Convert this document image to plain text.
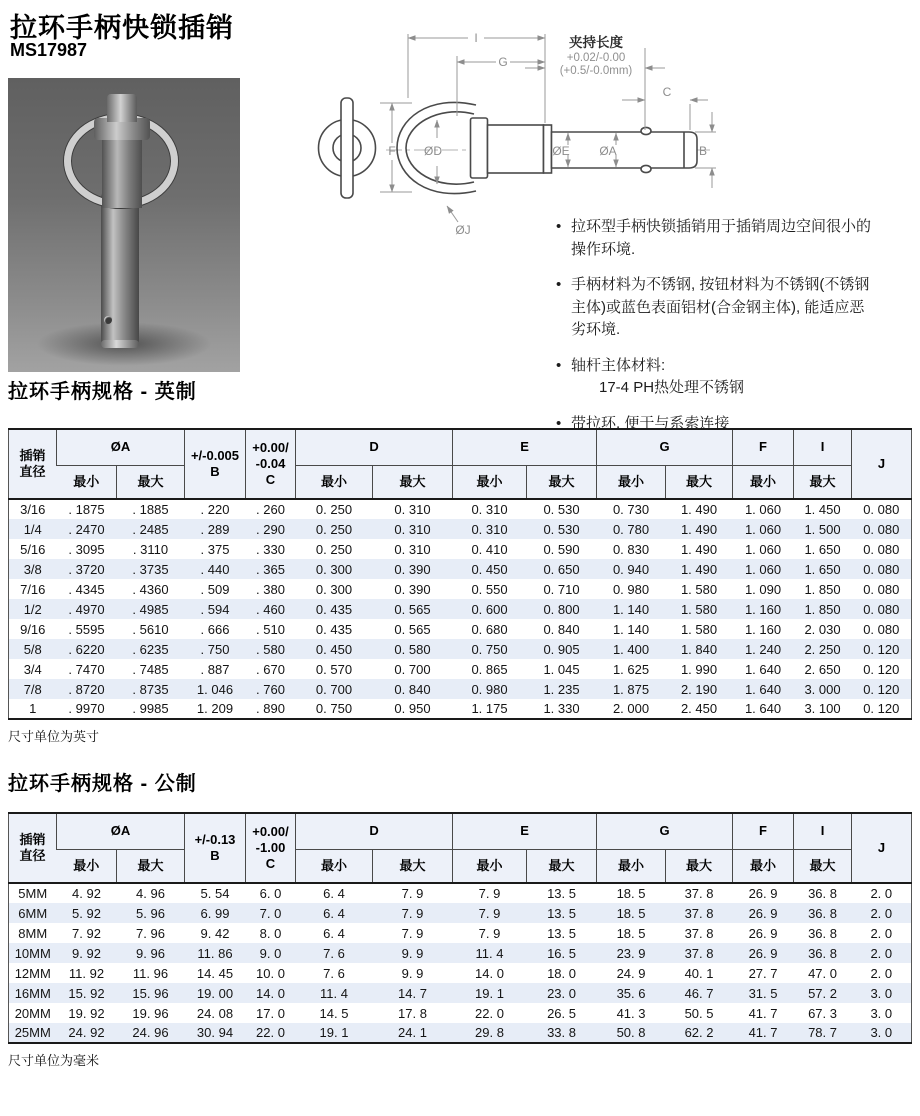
拉环手柄快锁插销
MS17987
I
G
C
F ØD	ØE ØA	B
ØJ
夹持长度
+0.02/-0.00
(+0.5/-0.0mm)
• 拉环型手柄快锁插销用于插销周边空间很小的操作环境.
• 手柄材料为不锈钢, 按钮材料为不锈钢(不锈钢主体)或蓝色表面铝材(合金钢主体), 能适应恶劣环境.
• 轴杆主体材料:
17-4 PH热处理不锈钢
• 带拉环, 便于与系索连接
拉环手柄规格 - 英制
插销
直径	ØA		+/-0.005
B	+0.00/
-0.04
C	D		E		G		F	I	J
	最小	最大			最小	最大	最小	最大	最小	最大	最小	最大	
3/16	. 1875	. 1885	. 220	. 260	0. 250	0. 310	0. 310	0. 530	0. 730	1. 490	1. 060	1. 450	0. 080
1/4	. 2470	. 2485	. 289	. 290	0. 250	0. 310	0. 310	0. 530	0. 780	1. 490	1. 060	1. 500	0. 080
5/16	. 3095	. 3110	. 375	. 330	0. 250	0. 310	0. 410	0. 590	0. 830	1. 490	1. 060	1. 650	0. 080
3/8	. 3720	. 3735	. 440	. 365	0. 300	0. 390	0. 450	0. 650	0. 940	1. 490	1. 060	1. 650	0. 080
7/16	. 4345	. 4360	. 509	. 380	0. 300	0. 390	0. 550	0. 710	0. 980	1. 580	1. 090	1. 850	0. 080
1/2	. 4970	. 4985	. 594	. 460	0. 435	0. 565	0. 600	0. 800	1. 140	1. 580	1. 160	1. 850	0. 080
9/16	. 5595	. 5610	. 666	. 510	0. 435	0. 565	0. 680	0. 840	1. 140	1. 580	1. 160	2. 030	0. 080
5/8	. 6220	. 6235	. 750	. 580	0. 450	0. 580	0. 750	0. 905	1. 400	1. 840	1. 240	2. 250	0. 120
3/4	. 7470	. 7485	. 887	. 670	0. 570	0. 700	0. 865	1. 045	1. 625	1. 990	1. 640	2. 650	0. 120
7/8	. 8720	. 8735	1. 046	. 760	0. 700	0. 840	0. 980	1. 235	1. 875	2. 190	1. 640	3. 000	0. 120
1	. 9970	. 9985	1. 209	. 890	0. 750	0. 950	1. 175	1. 330	2. 000	2. 450	1. 640	3. 100	0. 120
尺寸单位为英寸
拉环手柄规格 - 公制
插销
直径	ØA		+/-0.13
B	+0.00/
-1.00
C	D		E		G		F	I	J
	最小	最大			最小	最大	最小	最大	最小	最大	最小	最大	
5MM	4. 92	4. 96	5. 54	6. 0	6. 4	7. 9	7. 9	13. 5	18. 5	37. 8	26. 9	36. 8	2. 0
6MM	5. 92	5. 96	6. 99	7. 0	6. 4	7. 9	7. 9	13. 5	18. 5	37. 8	26. 9	36. 8	2. 0
8MM	7. 92	7. 96	9. 42	8. 0	6. 4	7. 9	7. 9	13. 5	18. 5	37. 8	26. 9	36. 8	2. 0
10MM	9. 92	9. 96	11. 86	9. 0	7. 6	9. 9	11. 4	16. 5	23. 9	37. 8	26. 9	36. 8	2. 0
12MM	11. 92	11. 96	14. 45	10. 0	7. 6	9. 9	14. 0	18. 0	24. 9	40. 1	27. 7	47. 0	2. 0
16MM	15. 92	15. 96	19. 00	14. 0	11. 4	14. 7	19. 1	23. 0	35. 6	46. 7	31. 5	57. 2	3. 0
20MM	19. 92	19. 96	24. 08	17. 0	14. 5	17. 8	22. 0	26. 5	41. 3	50. 5	41. 7	67. 3	3. 0
25MM	24. 92	24. 96	30. 94	22. 0	19. 1	24. 1	29. 8	33. 8	50. 8	62. 2	41. 7	78. 7	3. 0
尺寸单位为毫米
